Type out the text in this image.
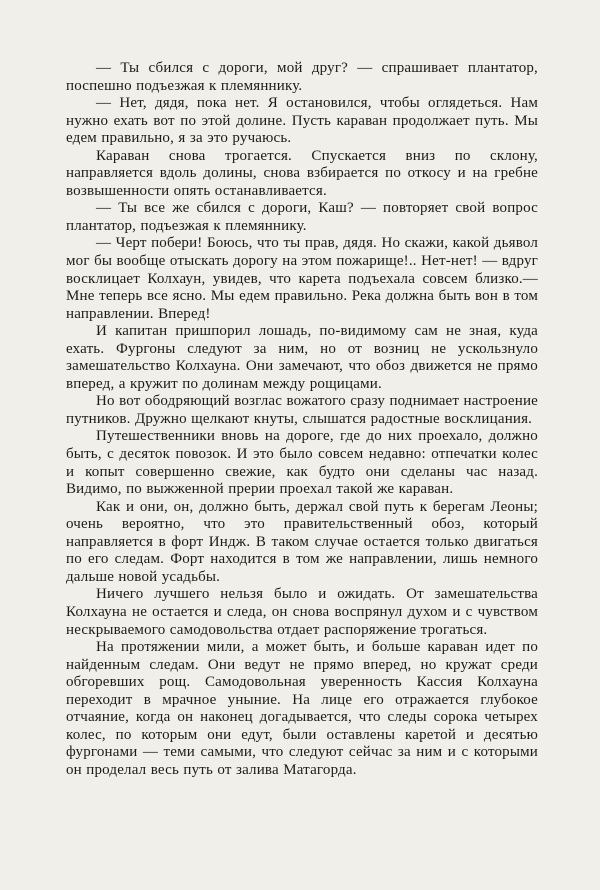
— Ты сбился с дороги, мой друг? — спрашивает плантатор, поспешно подъезжая к племяннику.

— Нет, дядя, пока нет. Я остановился, чтобы оглядеться. Нам нужно ехать вот по этой долине. Пусть караван продолжает путь. Мы едем правильно, я за это ручаюсь.

Караван снова трогается. Спускается вниз по склону, направляется вдоль долины, снова взбирается по откосу и на гребне возвышенности опять останавливается.

— Ты все же сбился с дороги, Каш? — повторяет свой вопрос плантатор, подъезжая к племяннику.

— Черт побери! Боюсь, что ты прав, дядя. Но скажи, какой дьявол мог бы вообще отыскать дорогу на этом пожарище!.. Нет-нет! — вдруг восклицает Колхаун, увидев, что карета подъехала совсем близко.— Мне теперь все ясно. Мы едем правильно. Река должна быть вон в том направлении. Вперед!

И капитан пришпорил лошадь, по-видимому сам не зная, куда ехать. Фургоны следуют за ним, но от возниц не ускользнуло замешательство Колхауна. Они замечают, что обоз движется не прямо вперед, а кружит по долинам между рощицами.

Но вот ободряющий возглас вожатого сразу поднимает настроение путников. Дружно щелкают кнуты, слышатся радостные восклицания.

Путешественники вновь на дороге, где до них проехало, должно быть, с десяток повозок. И это было совсем недавно: отпечатки колес и копыт совершенно свежие, как будто они сделаны час назад. Видимо, по выжженной прерии проехал такой же караван.

Как и они, он, должно быть, держал свой путь к берегам Леоны; очень вероятно, что это правительственный обоз, который направляется в форт Индж. В таком случае остается только двигаться по его следам. Форт находится в том же направлении, лишь немного дальше новой усадьбы.

Ничего лучшего нельзя было и ожидать. От замешательства Колхауна не остается и следа, он снова воспрянул духом и с чувством нескрываемого самодовольства отдает распоряжение трогаться.

На протяжении мили, а может быть, и больше караван идет по найденным следам. Они ведут не прямо вперед, но кружат среди обгоревших рощ. Самодовольная уверенность Кассия Колхауна переходит в мрачное уныние. На лице его отражается глубокое отчаяние, когда он наконец догадывается, что следы сорока четырех колес, по которым они едут, были оставлены каретой и десятью фургонами — теми самыми, что следуют сейчас за ним и с которыми он проделал весь путь от залива Матагорда.
